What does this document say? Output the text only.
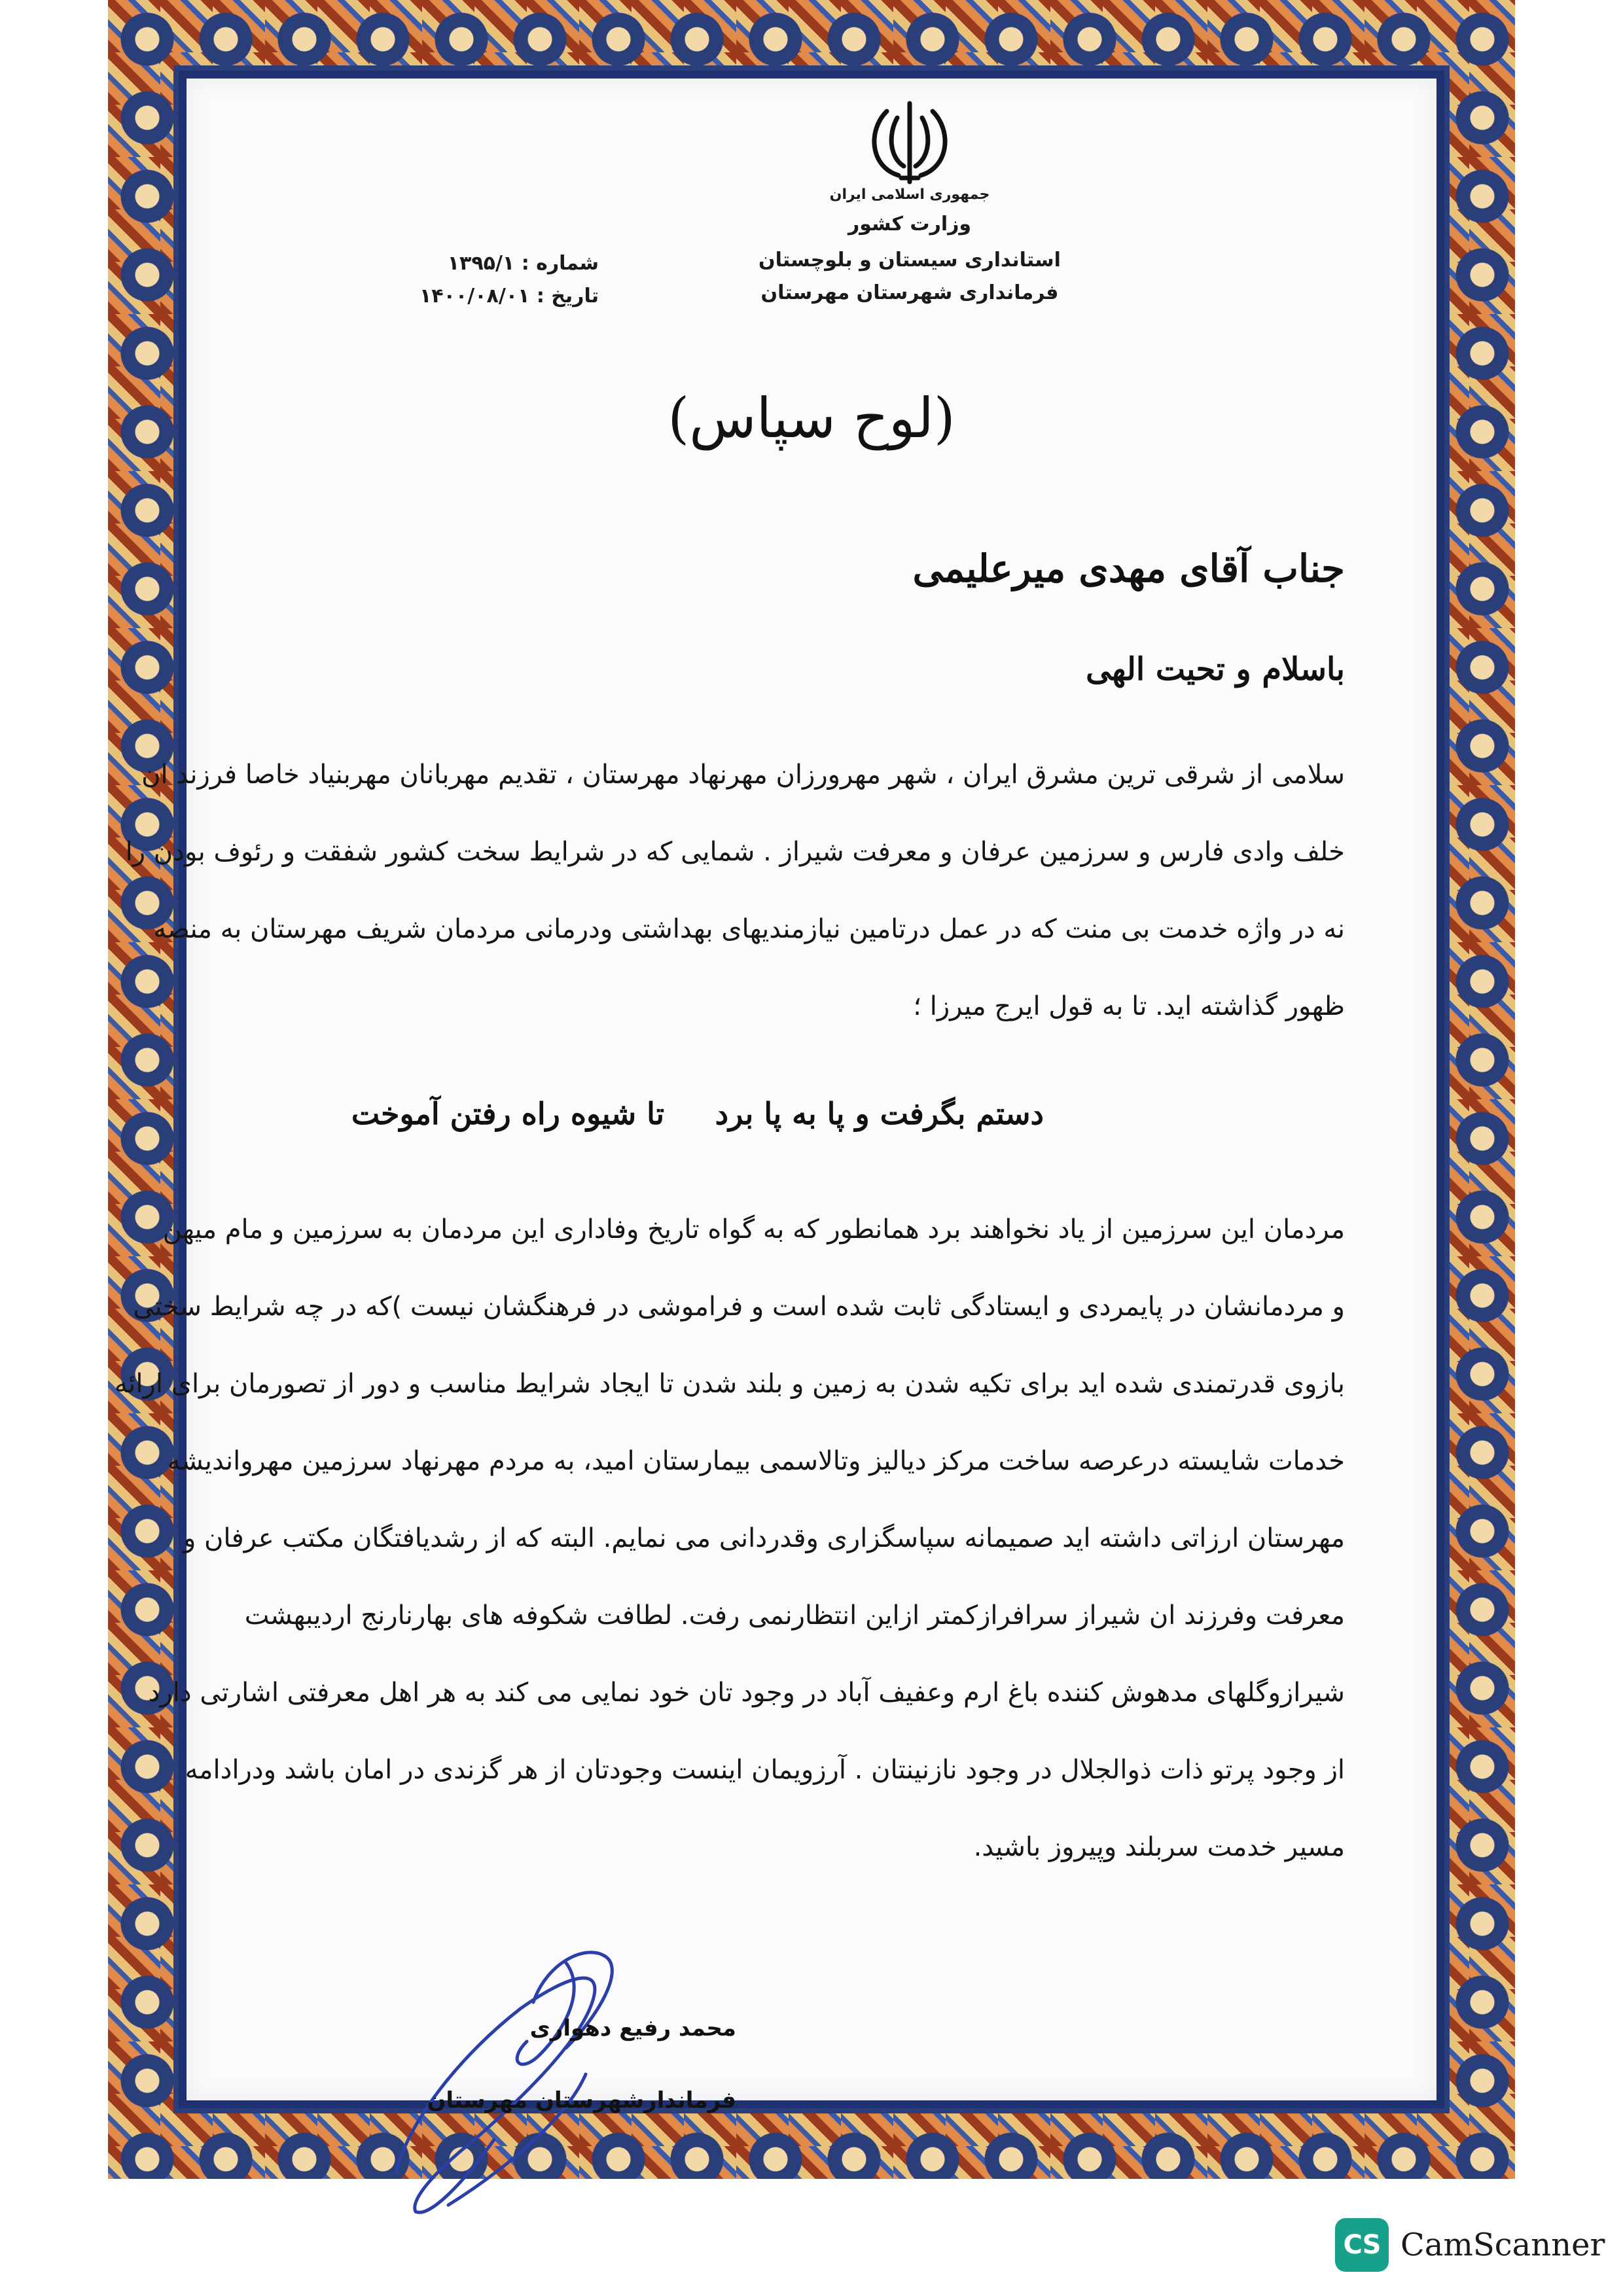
جمهوری اسلامی ایران
وزارت کشور
استانداری سیستان و بلوچستان
فرمانداری شهرستان مهرستان
شماره : ۱۳۹۵/۱
تاریخ : ۱۴۰۰/۰۸/۰۱
(لوح سپاس)
جناب آقای مهدی میرعلیمی
باسلام و تحیت الهی
سلامی از شرقی ترین مشرق ایران ، شهر مهرورزان مهرنهاد مهرستان ، تقدیم مهربانان مهربنیاد خاصا فرزند ان
خلف وادی فارس و سرزمین عرفان و معرفت شیراز . شمایی که در شرایط سخت کشور شفقت و رئوف بودن را
نه در واژه خدمت بی منت که در عمل درتامین نیازمندیهای بهداشتی ودرمانی مردمان شریف مهرستان به منصه
ظهور گذاشته اید. تا به قول ایرج میرزا ؛
دستم بگرفت و پا به پا برد
تا شیوه راه رفتن آموخت
مردمان این سرزمین از یاد نخواهند برد همانطور که به گواه تاریخ وفاداری این مردمان به سرزمین و مام میهن
و مردمانشان در پایمردی و ایستادگی ثابت شده است و فراموشی در فرهنگشان نیست )که در چه شرایط سختی
بازوی قدرتمندی شده اید برای تکیه شدن به زمین و بلند شدن تا ایجاد شرایط مناسب و دور از تصورمان برای ارائه
خدمات شایسته درعرصه ساخت مرکز دیالیز وتالاسمی بیمارستان امید، به مردم مهرنهاد سرزمین مهرواندیشه
مهرستان ارزاتی داشته اید صمیمانه سپاسگزاری وقدردانی می نمایم. البته که از رشدیافتگان مکتب عرفان و
معرفت وفرزند ان شیراز سرافرازکمتر ازاین انتظارنمی رفت. لطافت شکوفه های بهارنارنج اردیبهشت
شیرازوگلهای مدهوش کننده باغ ارم وعفیف آباد در وجود تان خود نمایی می کند به هر اهل معرفتی اشارتی دارد
از وجود پرتو ذات ذوالجلال در وجود نازنینتان . آرزویمان اینست وجودتان از هر گزندی در امان باشد ودرادامه
مسیر خدمت سربلند وپیروز باشید.
محمد رفیع دهواری
فرماندارشهرستان مهرستان
CS CamScanner
